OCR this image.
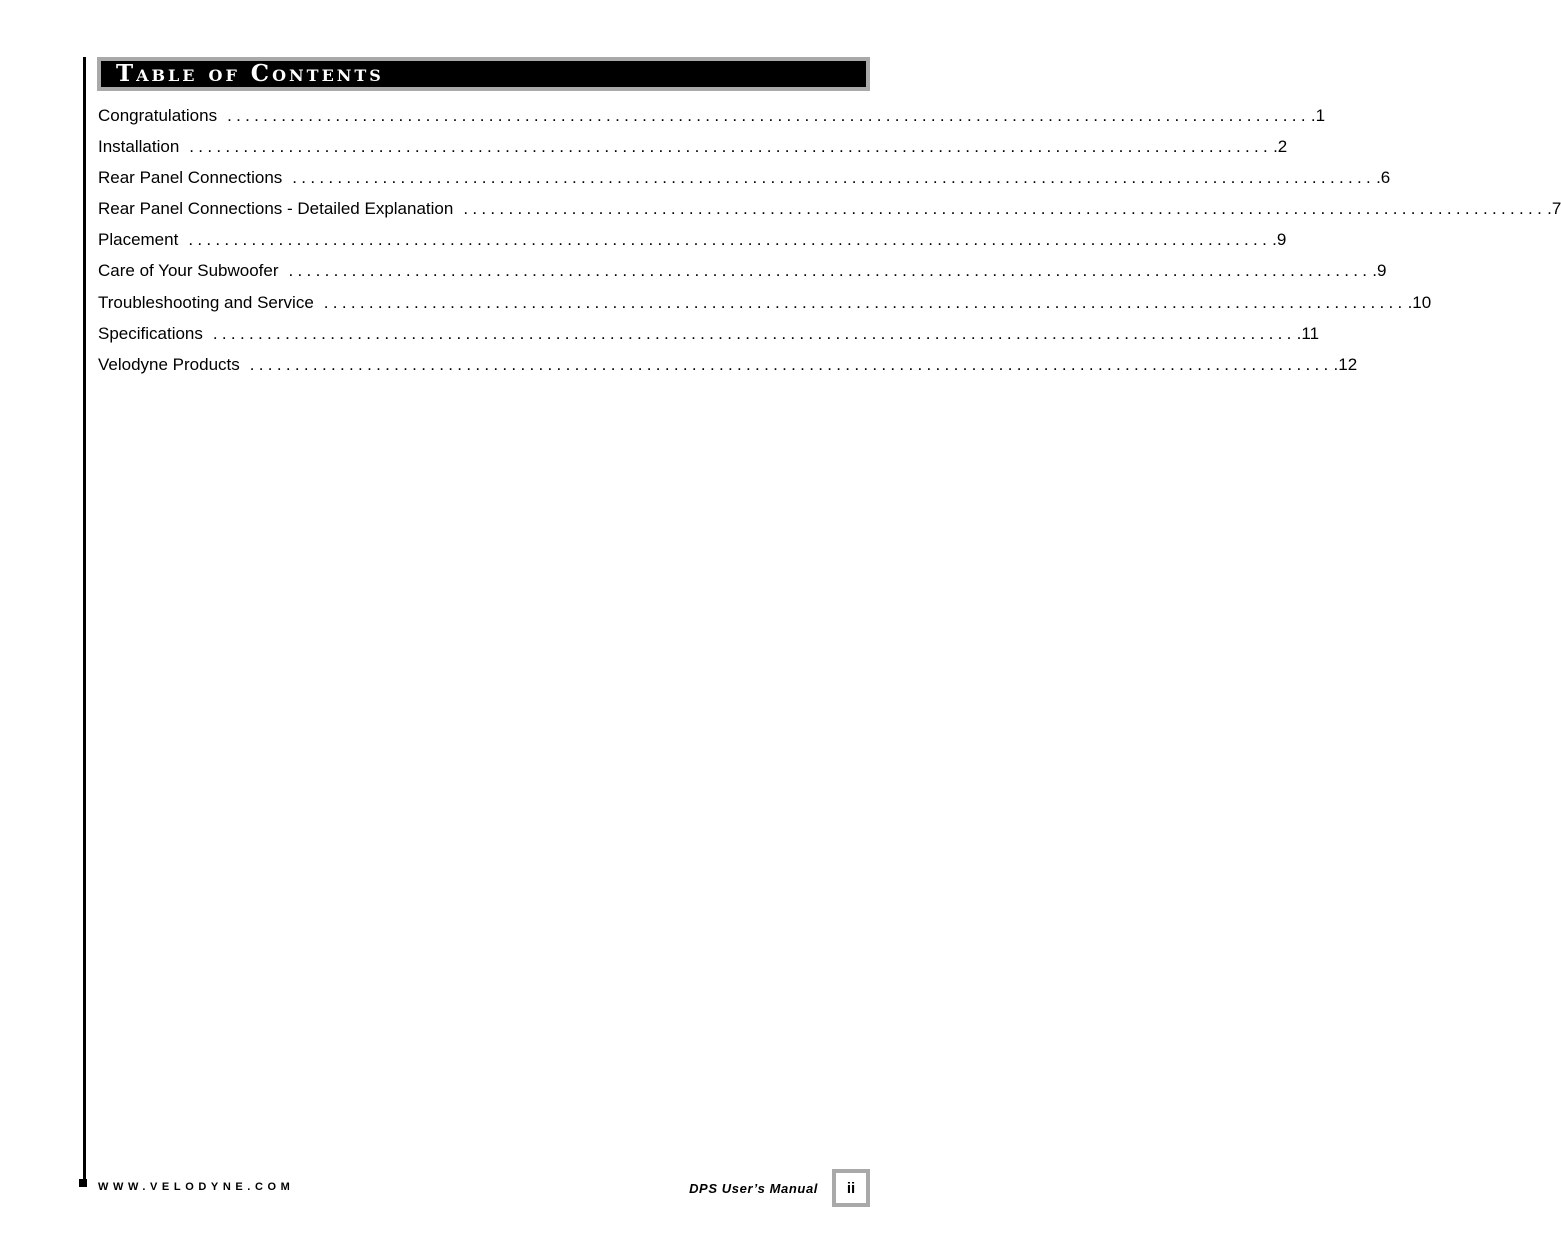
Table of Contents
Congratulations ........................................................................................................................ .1
Installation ........................................................................................................................ .2
Rear Panel Connections ........................................................................................................................ .6
Rear Panel Connections - Detailed Explanation ........................................................................................................................ .7
Placement ........................................................................................................................ .9
Care of Your Subwoofer ........................................................................................................................ .9
Troubleshooting and Service ........................................................................................................................ .10
Specifications ........................................................................................................................ .11
Velodyne Products ........................................................................................................................ .12
WWW.VELODYNE.COM	DPS User’s Manual	ii
